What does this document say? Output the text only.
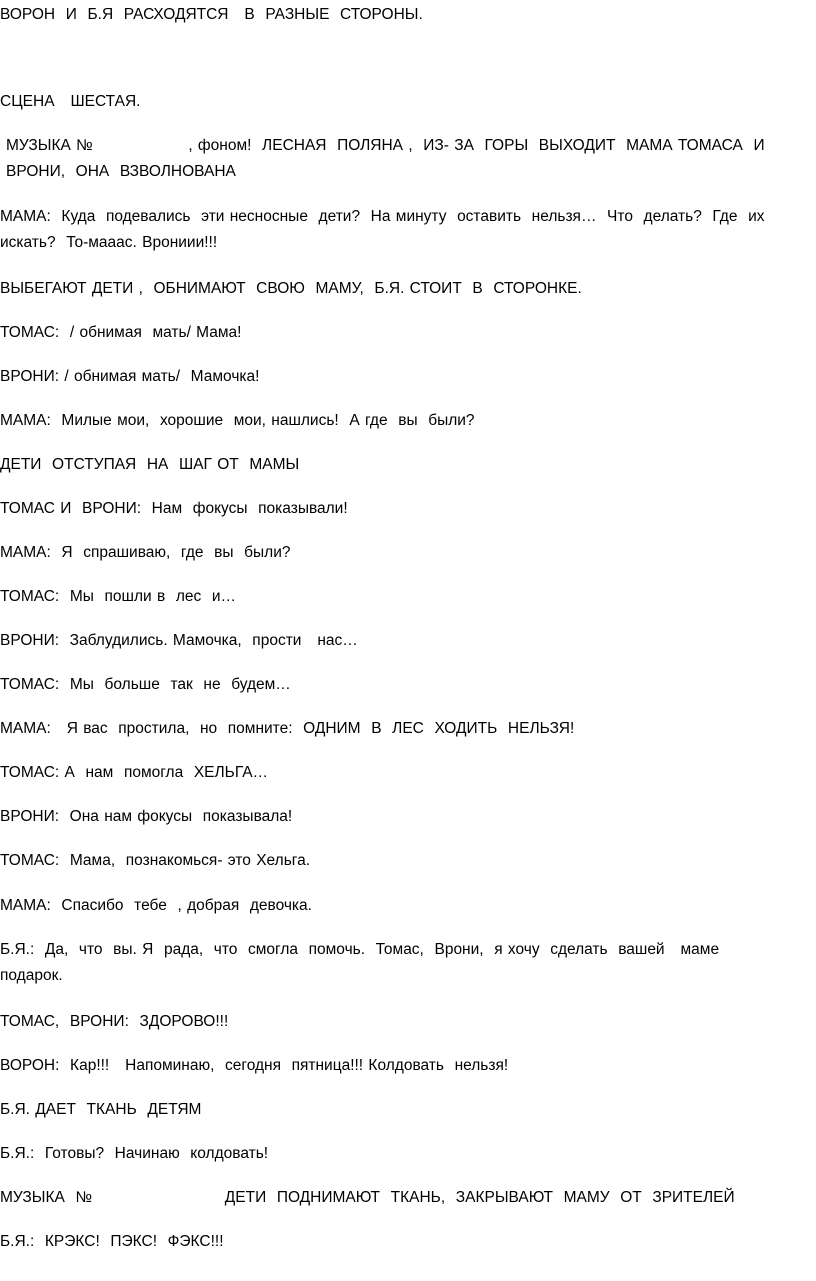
ВОРОН  И  Б.Я  РАСХОДЯТСЯ   В  РАЗНЫЕ  СТОРОНЫ.
СЦЕНА   ШЕСТАЯ.
МУЗЫКА №                  , фоном!  ЛЕСНАЯ  ПОЛЯНА ,  ИЗ- ЗА  ГОРЫ  ВЫХОДИТ  МАМА ТОМАСА  И  ВРОНИ,  ОНА  ВЗВОЛНОВАНА
МАМА:  Куда  подевались  эти несносные  дети?  На минуту  оставить  нельзя…  Что  делать?  Где  их  искать?  То-мааас. Врониии!!!
ВЫБЕГАЮТ ДЕТИ ,  ОБНИМАЮТ  СВОЮ  МАМУ,  Б.Я. СТОИТ  В  СТОРОНКЕ.
ТОМАС:  / обнимая  мать/ Мама!
ВРОНИ: / обнимая мать/  Мамочка!
МАМА:  Милые мои,  хорошие  мои, нашлись!  А где  вы  были?
ДЕТИ  ОТСТУПАЯ  НА  ШАГ ОТ  МАМЫ
ТОМАС И  ВРОНИ:  Нам  фокусы  показывали!
МАМА:  Я  спрашиваю,  где  вы  были?
ТОМАС:  Мы  пошли в  лес  и…
ВРОНИ:  Заблудились. Мамочка,  прости   нас…
ТОМАС:  Мы  больше  так  не  будем…
МАМА:   Я вас  простила,  но  помните:  ОДНИМ  В  ЛЕС  ХОДИТЬ  НЕЛЬЗЯ!
ТОМАС: А  нам  помогла  ХЕЛЬГА…
ВРОНИ:  Она нам фокусы  показывала!
ТОМАС:  Мама,  познакомься- это Хельга.
МАМА:  Спасибо  тебе  , добрая  девочка.
Б.Я.:  Да,  что  вы. Я  рада,  что  смогла  помочь.  Томас,  Врони,  я хочу  сделать  вашей   маме  подарок.
ТОМАС,  ВРОНИ:  ЗДОРОВО!!!
ВОРОН:  Кар!!!   Напоминаю,  сегодня  пятница!!! Колдовать  нельзя!
Б.Я. ДАЕТ  ТКАНЬ  ДЕТЯМ
Б.Я.:  Готовы?  Начинаю  колдовать!
МУЗЫКА  №                         ДЕТИ  ПОДНИМАЮТ  ТКАНЬ,  ЗАКРЫВАЮТ  МАМУ  ОТ  ЗРИТЕЛЕЙ
Б.Я.:  КРЭКС!  ПЭКС!  ФЭКС!!!
